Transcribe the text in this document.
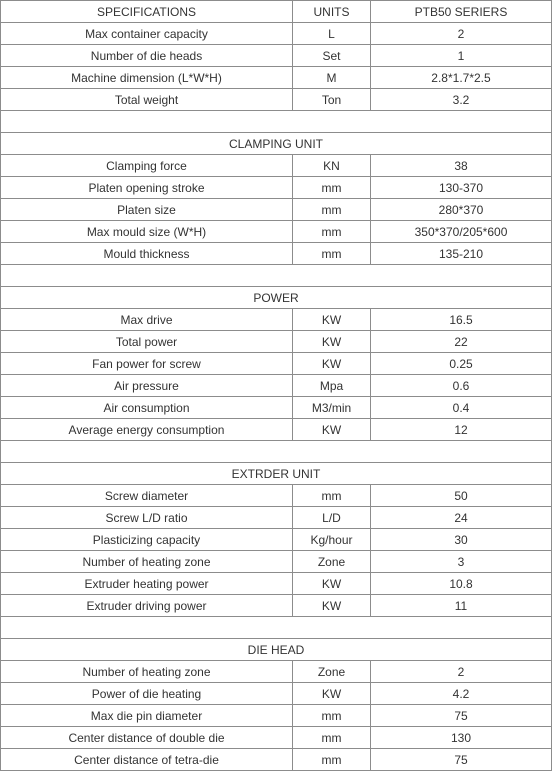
SPECIFICATIONS	UNITS	PTB50 SERIERS
Max container capacity	L	2
Number of die heads	Set	1
Machine dimension (L*W*H)	M	2.8*1.7*2.5
Total weight	Ton	3.2

CLAMPING UNIT		
Clamping force	KN	38
Platen opening stroke	mm	130-370
Platen size	mm	280*370
Max mould size (W*H)	mm	350*370/205*600
Mould thickness	mm	135-210

POWER		
Max drive	KW	16.5
Total power	KW	22
Fan power for screw	KW	0.25
Air pressure	Mpa	0.6
Air consumption	M3/min	0.4
Average energy consumption	KW	12

EXTRDER UNIT		
Screw diameter	mm	50
Screw L/D ratio	L/D	24
Plasticizing capacity	Kg/hour	30
Number of heating zone	Zone	3
Extruder heating power	KW	10.8
Extruder driving power	KW	11

DIE HEAD		
Number of heating zone	Zone	2
Power of die heating	KW	4.2
Max die pin diameter	mm	75
Center distance of double die	mm	130
Center distance of tetra-die	mm	75
